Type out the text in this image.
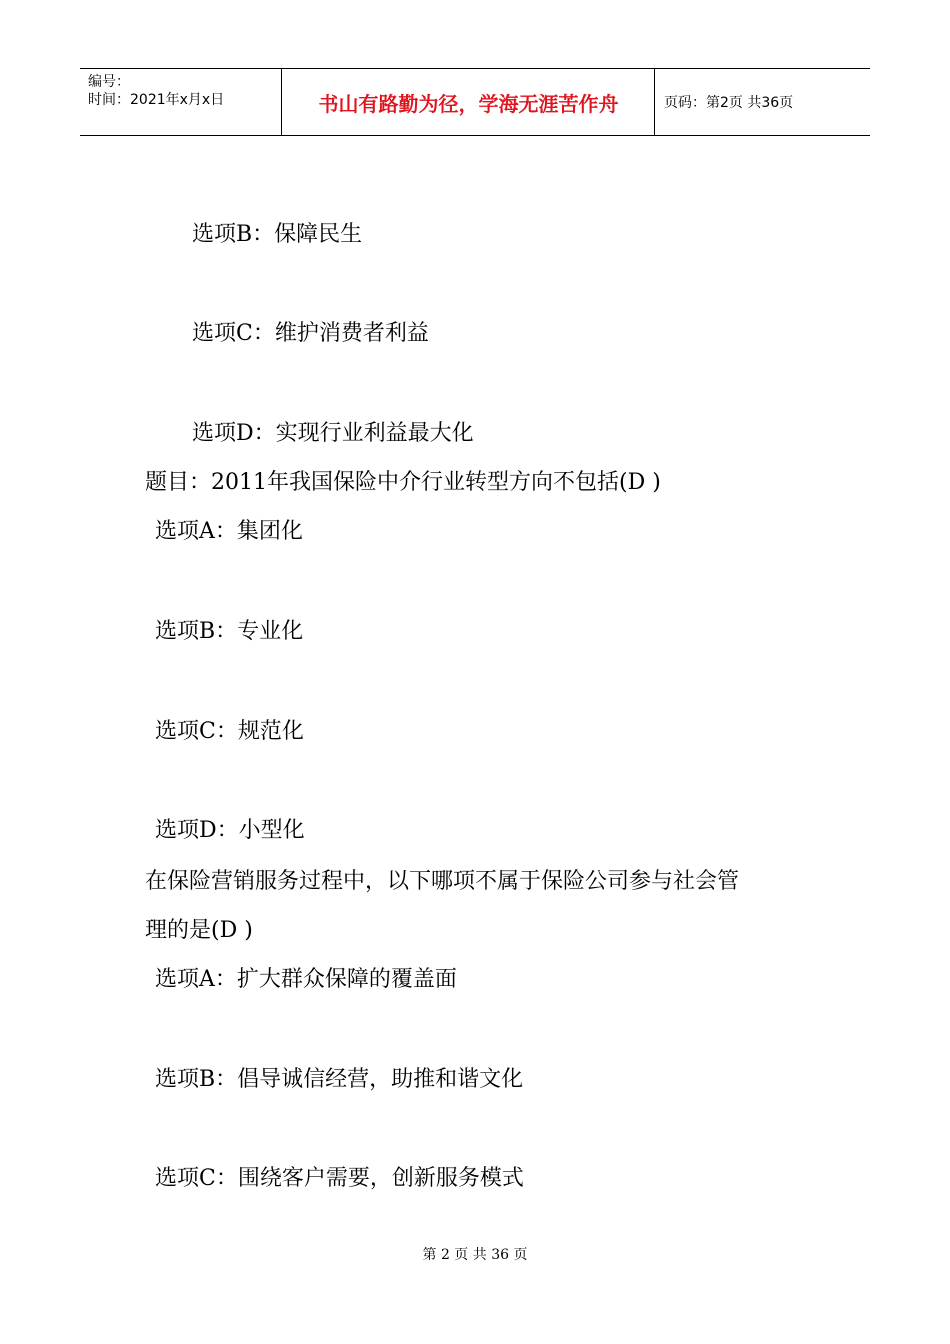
编号：
时间：2021年x月x日	书山有路勤为径，学海无涯苦作舟	页码：第2页 共36页
选项B：保障民生
选项C：维护消费者利益
选项D：实现行业利益最大化
题目：2011年我国保险中介行业转型方向不包括(D )
选项A：集团化
选项B：专业化
选项C：规范化
选项D：小型化
在保险营销服务过程中，以下哪项不属于保险公司参与社会管
理的是(D )
选项A：扩大群众保障的覆盖面
选项B：倡导诚信经营，助推和谐文化
选项C：围绕客户需要，创新服务模式
第 2 页 共 36 页
